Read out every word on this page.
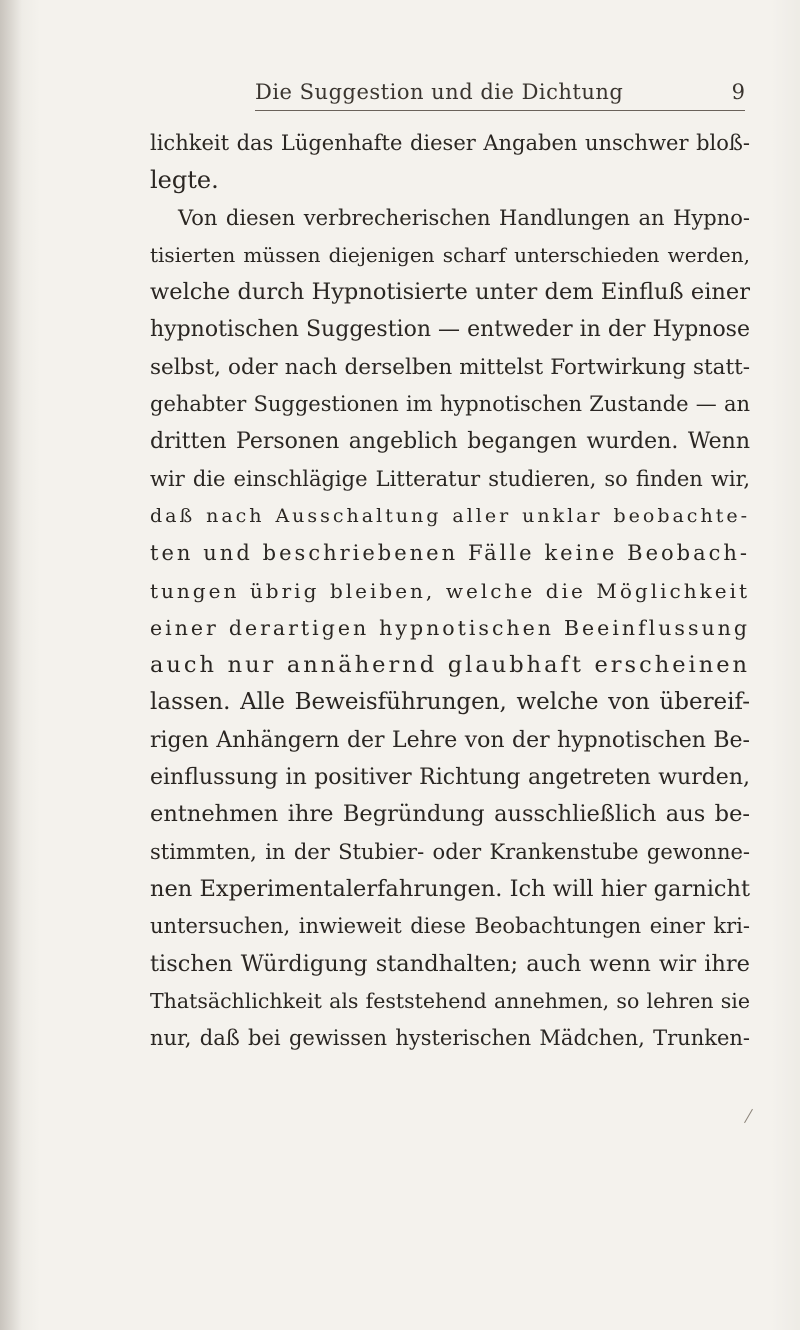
Die Suggestion und die Dichtung	9
lichkeit das Lügenhafte dieser Angaben unschwer bloß-
legte.
Von diesen verbrecherischen Handlungen an Hypno-
tisierten müssen diejenigen scharf unterschieden werden,
welche durch Hypnotisierte unter dem Einfluß einer
hypnotischen Suggestion — entweder in der Hypnose
selbst, oder nach derselben mittelst Fortwirkung statt-
gehabter Suggestionen im hypnotischen Zustande — an
dritten Personen angeblich begangen wurden. Wenn
wir die einschlägige Litteratur studieren, so finden wir,
daß nach Ausschaltung aller unklar beobachte-
ten und beschriebenen Fälle keine Beobach-
tungen übrig bleiben, welche die Möglichkeit
einer derartigen hypnotischen Beeinflussung
auch nur annähernd glaubhaft erscheinen
lassen. Alle Beweisführungen, welche von übereif-
rigen Anhängern der Lehre von der hypnotischen Be-
einflussung in positiver Richtung angetreten wurden,
entnehmen ihre Begründung ausschließlich aus be-
stimmten, in der Stubier- oder Krankenstube gewonne-
nen Experimentalerfahrungen. Ich will hier garnicht
untersuchen, inwieweit diese Beobachtungen einer kri-
tischen Würdigung standhalten; auch wenn wir ihre
Thatsächlichkeit als feststehend annehmen, so lehren sie
nur, daß bei gewissen hysterischen Mädchen, Trunken-
